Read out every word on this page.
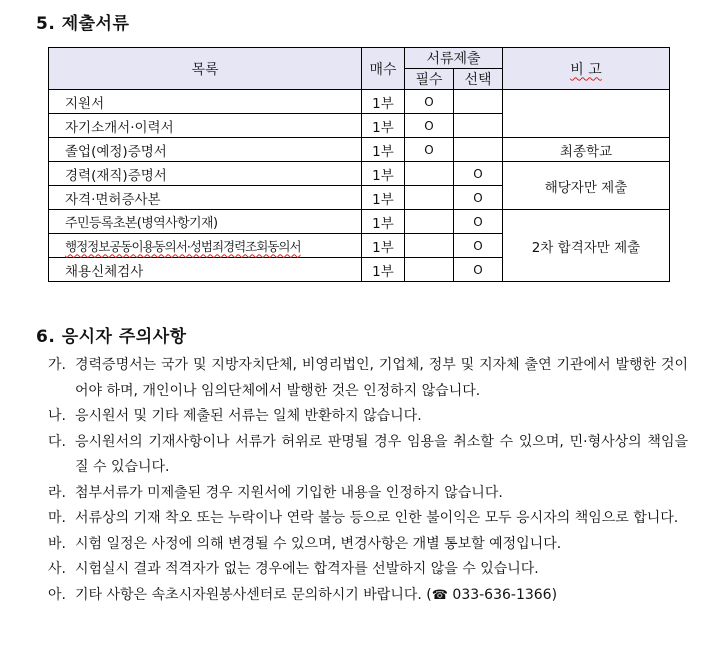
5. 제출서류
목록	매수	서류제출		비 고
		필수	선택	
지원서	1부	O		
자기소개서·이력서	1부	O		
졸업(예정)증명서	1부	O		최종학교
경력(재직)증명서	1부		O	해당자만 제출
자격·면허증사본	1부		O	
주민등록초본(병역사항기재)	1부		O	2차 합격자만 제출
행정정보공동이용동의서·성범죄경력조회동의서	1부		O	
채용신체검사	1부		O	
6. 응시자 주의사항
가. 경력증명서는 국가 및 지방자치단체, 비영리법인, 기업체, 정부 및 지자체 출연 기관에서 발행한 것이어야 하며, 개인이나 임의단체에서 발행한 것은 인정하지 않습니다.
나. 응시원서 및 기타 제출된 서류는 일체 반환하지 않습니다.
다. 응시원서의 기재사항이나 서류가 허위로 판명될 경우 임용을 취소할 수 있으며, 민·형사상의 책임을 질 수 있습니다.
라. 첨부서류가 미제출된 경우 지원서에 기입한 내용을 인정하지 않습니다.
마. 서류상의 기재 착오 또는 누락이나 연락 불능 등으로 인한 불이익은 모두 응시자의 책임으로 합니다.
바. 시험 일정은 사정에 의해 변경될 수 있으며, 변경사항은 개별 통보할 예정입니다.
사. 시험실시 결과 적격자가 없는 경우에는 합격자를 선발하지 않을 수 있습니다.
아. 기타 사항은 속초시자원봉사센터로 문의하시기 바랍니다. (☎ 033-636-1366)
